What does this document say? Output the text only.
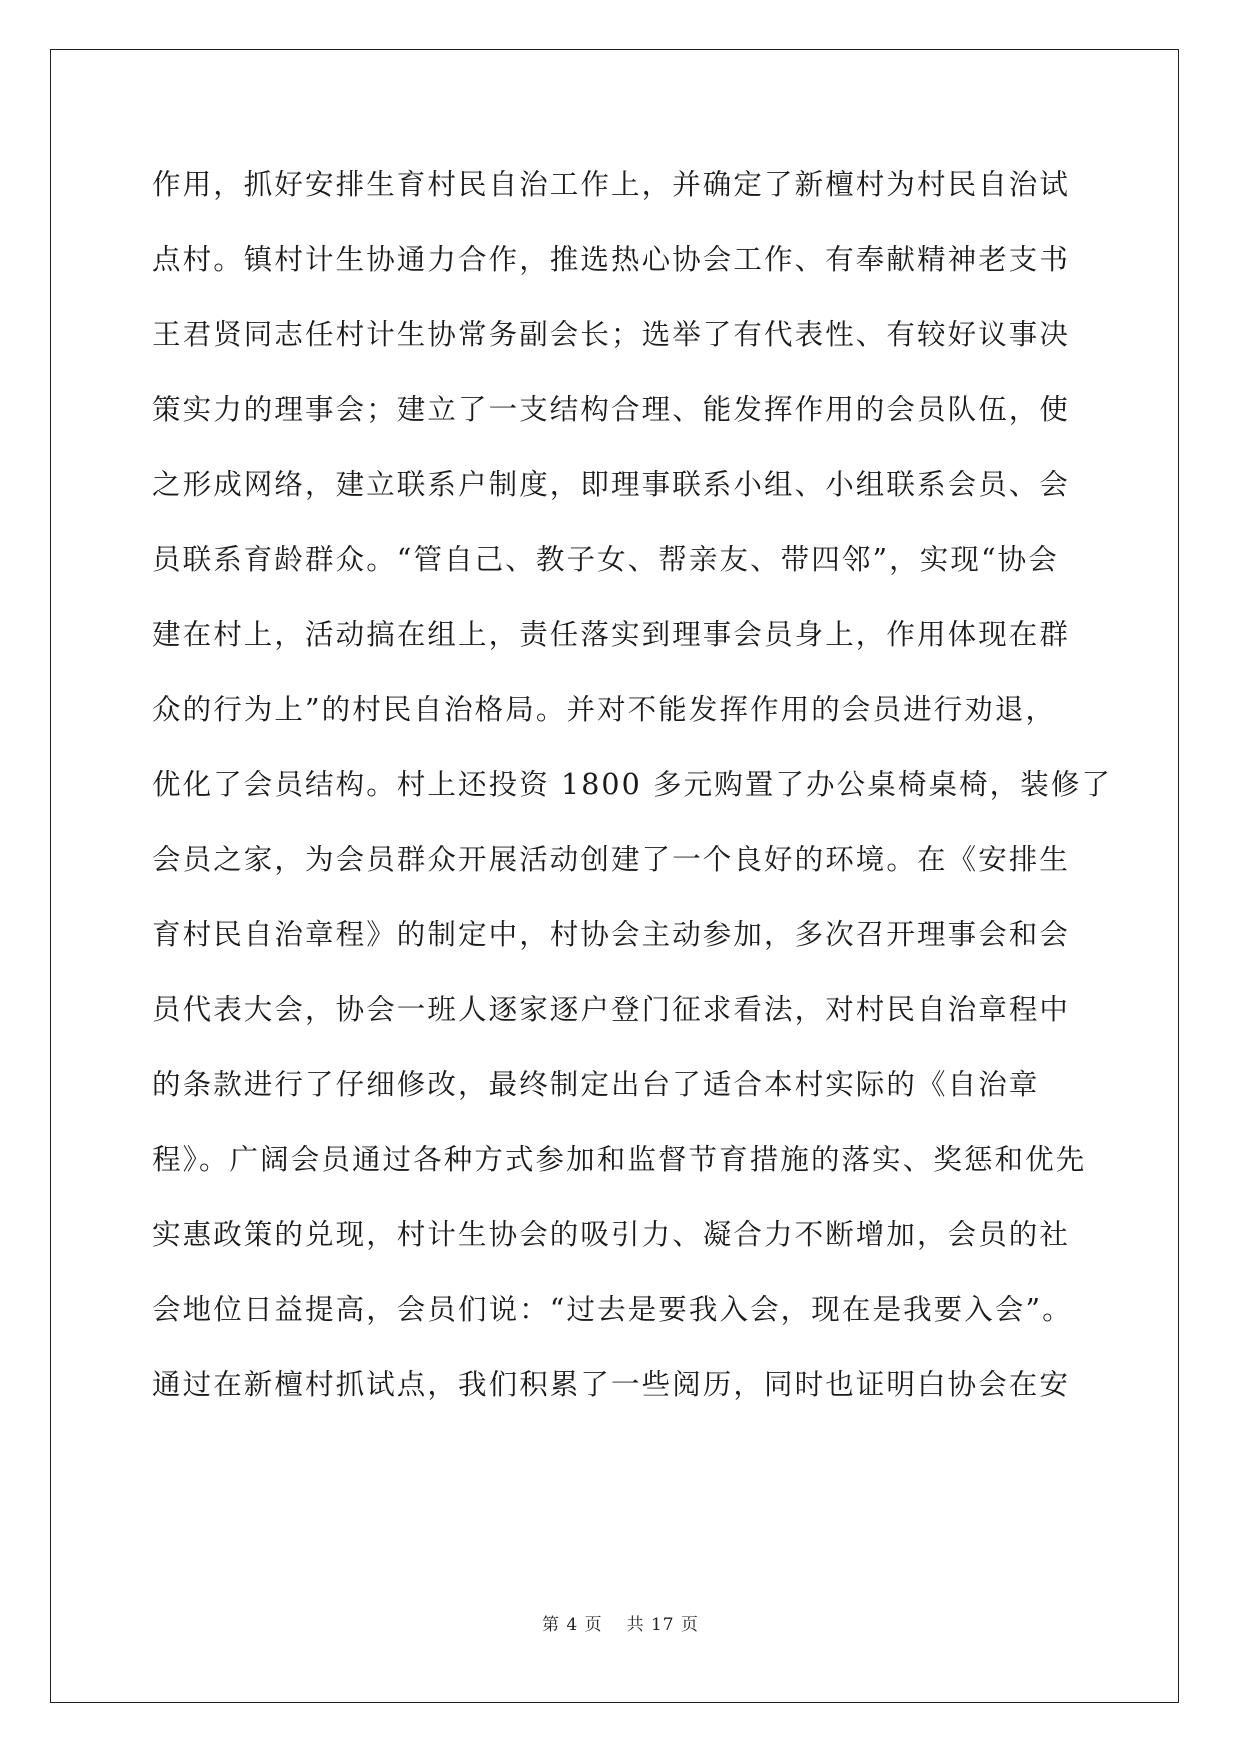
作用，抓好安排生育村民自治工作上，并确定了新檀村为村民自治试
点村。镇村计生协通力合作，推选热心协会工作、有奉献精神老支书
王君贤同志任村计生协常务副会长；选举了有代表性、有较好议事决
策实力的理事会；建立了一支结构合理、能发挥作用的会员队伍，使
之形成网络，建立联系户制度，即理事联系小组、小组联系会员、会
员联系育龄群众。“管自己、教子女、帮亲友、带四邻”，实现“协会
建在村上，活动搞在组上，责任落实到理事会员身上，作用体现在群
众的行为上”的村民自治格局。并对不能发挥作用的会员进行劝退，
优化了会员结构。村上还投资 1800 多元购置了办公桌椅桌椅，装修了
会员之家，为会员群众开展活动创建了一个良好的环境。在《安排生
育村民自治章程》的制定中，村协会主动参加，多次召开理事会和会
员代表大会，协会一班人逐家逐户登门征求看法，对村民自治章程中
的条款进行了仔细修改，最终制定出台了适合本村实际的《自治章
程》。广阔会员通过各种方式参加和监督节育措施的落实、奖惩和优先
实惠政策的兑现，村计生协会的吸引力、凝合力不断增加，会员的社
会地位日益提高，会员们说：“过去是要我入会，现在是我要入会”。
通过在新檀村抓试点，我们积累了一些阅历，同时也证明白协会在安
第 4 页 共 17 页
